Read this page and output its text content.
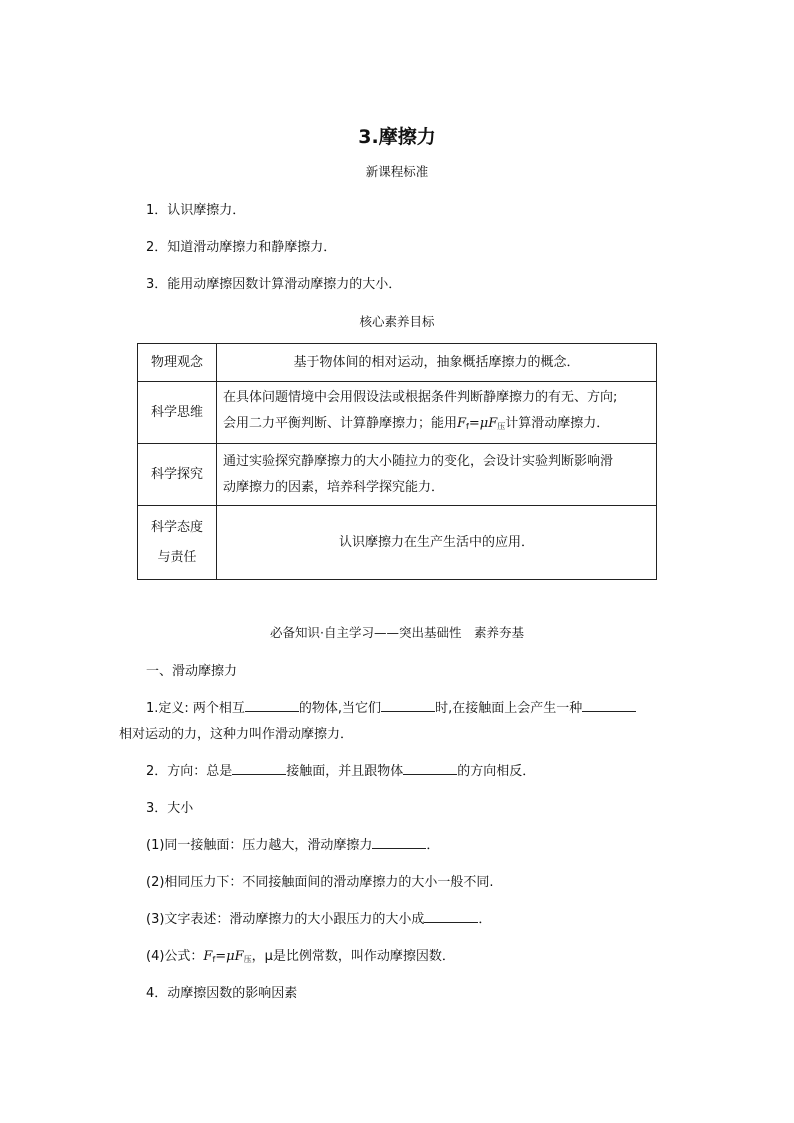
3.摩擦力
新课程标准
1．认识摩擦力．
2．知道滑动摩擦力和静摩擦力．
3．能用动摩擦因数计算滑动摩擦力的大小．
核心素养目标
物理观念	基于物体间的相对运动，抽象概括摩擦力的概念．
科学思维	在具体问题情境中会用假设法或根据条件判断静摩擦力的有无、方向;
会用二力平衡判断、计算静摩擦力；能用Ff=μF压计算滑动摩擦力．

科学探究	通过实验探究静摩擦力的大小随拉力的变化，会设计实验判断影响滑
动摩擦力的因素，培养科学探究能力．

科学态度
与责任	认识摩擦力在生产生活中的应用．
必备知识·自主学习——突出基础性　素养夯基
一、滑动摩擦力
1.定义: 两个相互	的物体,当它们	时,在接触面上会产生一种
相对运动的力，这种力叫作滑动摩擦力．
2．方向：总是	接触面，并且跟物体	的方向相反．
3．大小
(1)同一接触面：压力越大，滑动摩擦力	．
(2)相同压力下：不同接触面间的滑动摩擦力的大小一般不同.
(3)文字表述：滑动摩擦力的大小跟压力的大小成	．
(4)公式：Ff=μF压，μ是比例常数，叫作动摩擦因数．
4．动摩擦因数的影响因素
